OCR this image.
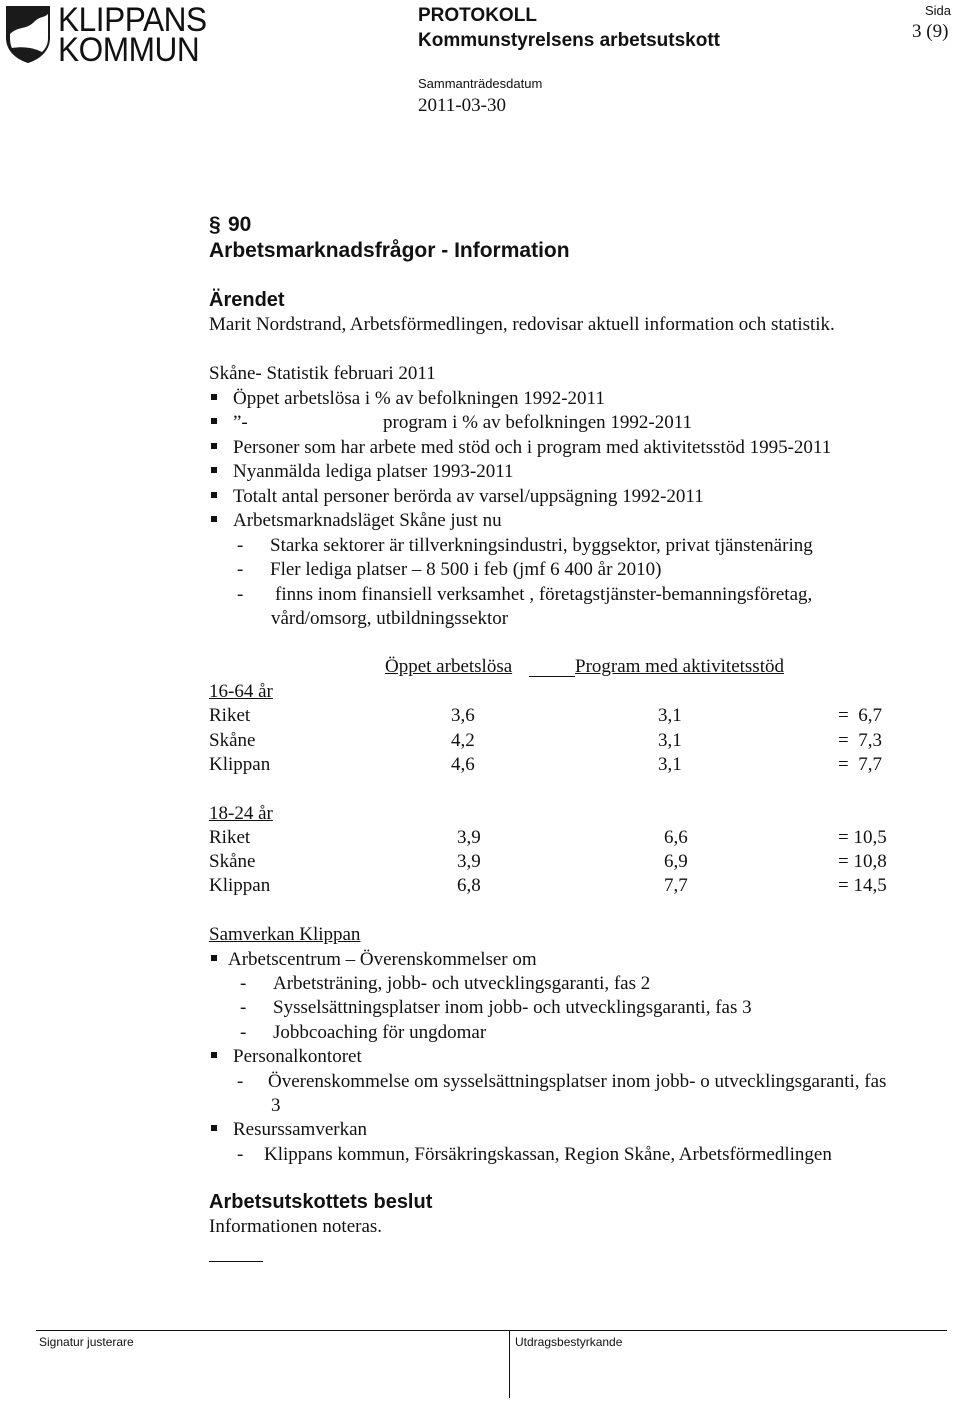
KLIPPANS
KOMMUN
PROTOKOLL
Kommunstyrelsens arbetsutskott
Sammanträdesdatum
2011-03-30
Sida
3 (9)
§ 90
Arbetsmarknadsfrågor - Information
Ärendet
Marit Nordstrand, Arbetsförmedlingen, redovisar aktuell information och statistik.
Skåne- Statistik februari 2011
Öppet arbetslösa i % av befolkningen 1992-2011
”-	program i % av befolkningen 1992-2011
Personer som har arbete med stöd och i program med aktivitetsstöd 1995-2011
Nyanmälda lediga platser 1993-2011
Totalt antal personer berörda av varsel/uppsägning 1992-2011
Arbetsmarknadsläget Skåne just nu
- Starka sektorer är tillverkningsindustri, byggsektor, privat tjänstenäring
- Fler lediga platser – 8 500 i feb (jmf 6 400 år 2010)
- finns inom finansiell verksamhet , företagstjänster-bemanningsföretag,
vård/omsorg, utbildningssektor
Öppet arbetslösa	Program med aktivitetsstöd
16-64 år
Riket	3,6	3,1	=  6,7
Skåne	4,2	3,1	=  7,3
Klippan	4,6	3,1	=  7,7
18-24 år
Riket	3,9	6,6	= 10,5
Skåne	3,9	6,9	= 10,8
Klippan	6,8	7,7	= 14,5
Samverkan Klippan
Arbetscentrum – Överenskommelser om
- Arbetsträning, jobb- och utvecklingsgaranti, fas 2
- Sysselsättningsplatser inom jobb- och utvecklingsgaranti, fas 3
- Jobbcoaching för ungdomar
Personalkontoret
- Överenskommelse om sysselsättningsplatser inom jobb- o utvecklingsgaranti, fas
3
Resurssamverkan
- Klippans kommun, Försäkringskassan, Region Skåne, Arbetsförmedlingen
Arbetsutskottets beslut
Informationen noteras.
Signatur justerare	Utdragsbestyrkande
